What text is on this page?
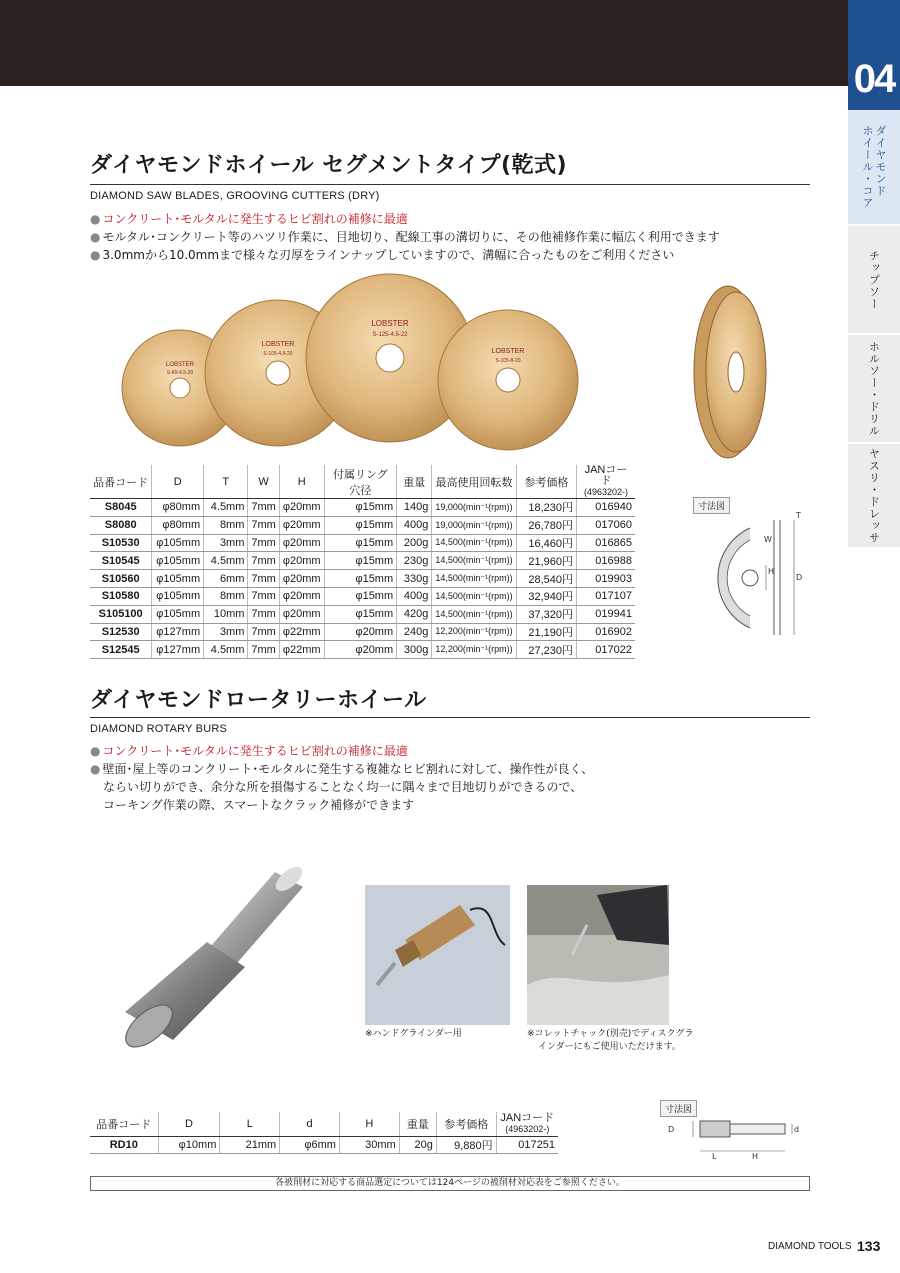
04
ダイヤモンド
ホイール・コア
チップソー
ホルソー・ドリル
ヤスリ・ドレッサ
ダイヤモンドホイール セグメントタイプ(乾式)
DIAMOND SAW BLADES, GROOVING CUTTERS (DRY)
● コンクリート･モルタルに発生するヒビ割れの補修に最適
● モルタル･コンクリート等のハツリ作業に、目地切り、配線工事の溝切りに、その他補修作業に幅広く利用できます
● 3.0mmから10.0mmまで様々な刃厚をラインナップしていますので、溝幅に合ったものをご利用ください
LOBSTER
S-80-4.5-20
LOBSTER
S-105-4.5-20
LOBSTER
S-125-4.5-22
LOBSTER
S-105-8-20
品番コード	D	T	W	H	付属リング穴径	重量	最高使用回転数	参考価格	JANコード
(4963202-)
S8045	φ80mm	4.5mm	7mm	φ20mm	φ15mm	140g	19,000(min⁻¹(rpm))	18,230円	016940
S8080	φ80mm	8mm	7mm	φ20mm	φ15mm	400g	19,000(min⁻¹(rpm))	26,780円	017060
S10530	φ105mm	3mm	7mm	φ20mm	φ15mm	200g	14,500(min⁻¹(rpm))	16,460円	016865
S10545	φ105mm	4.5mm	7mm	φ20mm	φ15mm	230g	14,500(min⁻¹(rpm))	21,960円	016988
S10560	φ105mm	6mm	7mm	φ20mm	φ15mm	330g	14,500(min⁻¹(rpm))	28,540円	019903
S10580	φ105mm	8mm	7mm	φ20mm	φ15mm	400g	14,500(min⁻¹(rpm))	32,940円	017107
S105100	φ105mm	10mm	7mm	φ20mm	φ15mm	420g	14,500(min⁻¹(rpm))	37,320円	019941
S12530	φ127mm	3mm	7mm	φ22mm	φ20mm	240g	12,200(min⁻¹(rpm))	21,190円	016902
S12545	φ127mm	4.5mm	7mm	φ22mm	φ20mm	300g	12,200(min⁻¹(rpm))	27,230円	017022
寸法図
T
W
H
D
ダイヤモンドロータリーホイール
DIAMOND ROTARY BURS
● コンクリート･モルタルに発生するヒビ割れの補修に最適
● 壁面･屋上等のコンクリート･モルタルに発生する複雑なヒビ割れに対して、操作性が良く、
ならい切りができ、余分な所を損傷することなく均一に隅々まで目地切りができるので、
コーキング作業の際、スマートなクラック補修ができます
※ハンドグラインダー用	※コレットチャック(別売)でディスクグラ
インダーにもご使用いただけます。
品番コード	D	L	d	H	重量	参考価格	JANコード
(4963202-)
RD10	φ10mm	21mm	φ6mm	30mm	20g	9,880円	017251
寸法図
D
L	H
d
各被削材に対応する商品選定については124ページの被削材対応表をご参照ください。
DIAMOND TOOLS 133
